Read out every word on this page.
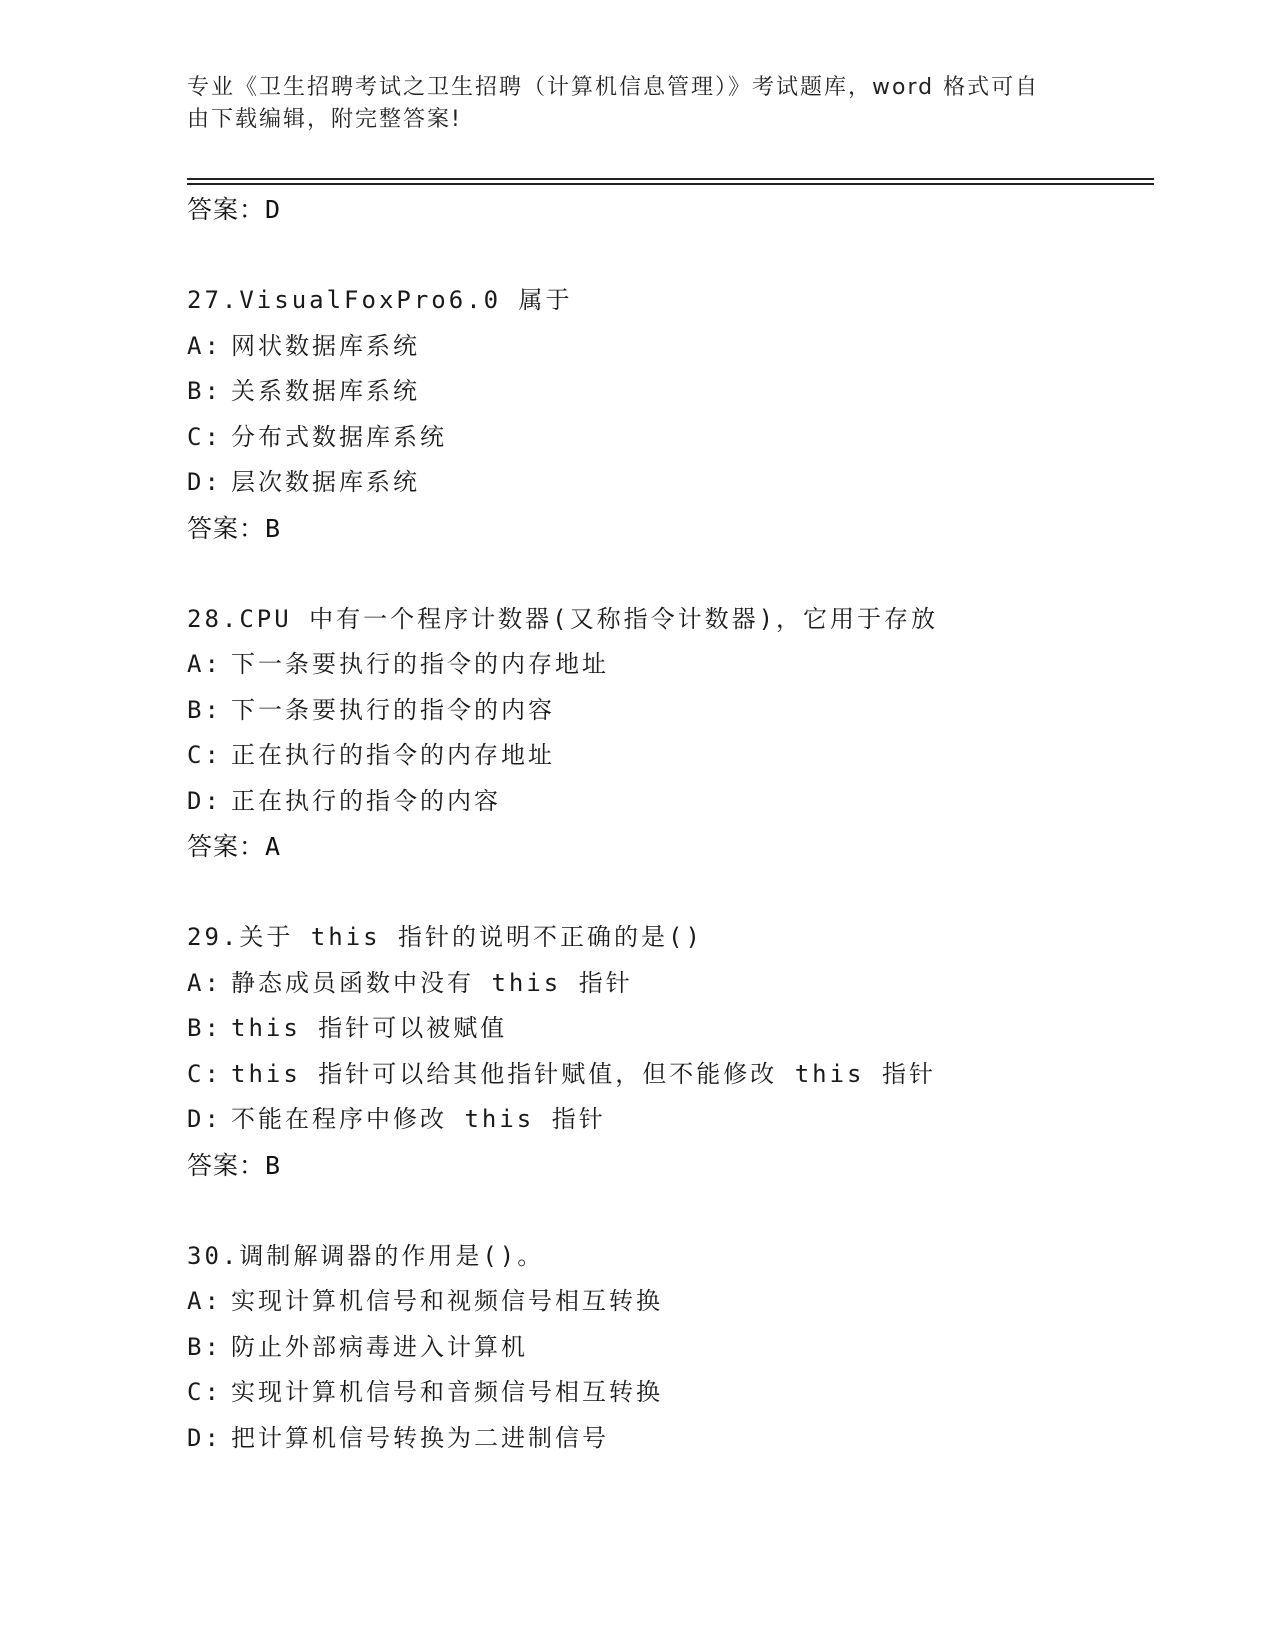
专业《卫生招聘考试之卫生招聘（计算机信息管理）》考试题库，word 格式可自
由下载编辑，附完整答案!
答案：D
27.VisualFoxPro6.0 属于
A: 网状数据库系统
B: 关系数据库系统
C: 分布式数据库系统
D: 层次数据库系统
答案：B
28.CPU 中有一个程序计数器(又称指令计数器)，它用于存放
A: 下一条要执行的指令的内存地址
B: 下一条要执行的指令的内容
C: 正在执行的指令的内存地址
D: 正在执行的指令的内容
答案：A
29.关于 this 指针的说明不正确的是()
A: 静态成员函数中没有 this 指针
B: this 指针可以被赋值
C: this 指针可以给其他指针赋值，但不能修改 this 指针
D: 不能在程序中修改 this 指针
答案：B
30.调制解调器的作用是()。
A: 实现计算机信号和视频信号相互转换
B: 防止外部病毒进入计算机
C: 实现计算机信号和音频信号相互转换
D: 把计算机信号转换为二进制信号
